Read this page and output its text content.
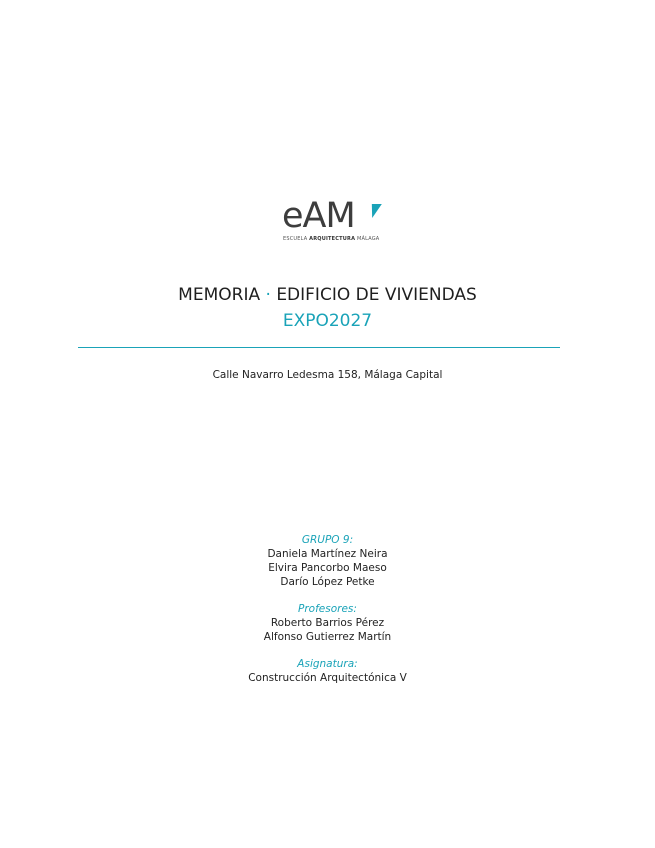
eAM
ESCUELA ARQUITECTURA MÁLAGA
MEMORIA · EDIFICIO DE VIVIENDAS
EXPO2027
Calle Navarro Ledesma 158, Málaga Capital
GRUPO 9:
Daniela Martínez Neira
Elvira Pancorbo Maeso
Darío López Petke
Profesores:
Roberto Barrios Pérez
Alfonso Gutierrez Martín
Asignatura:
Construcción Arquitectónica V
